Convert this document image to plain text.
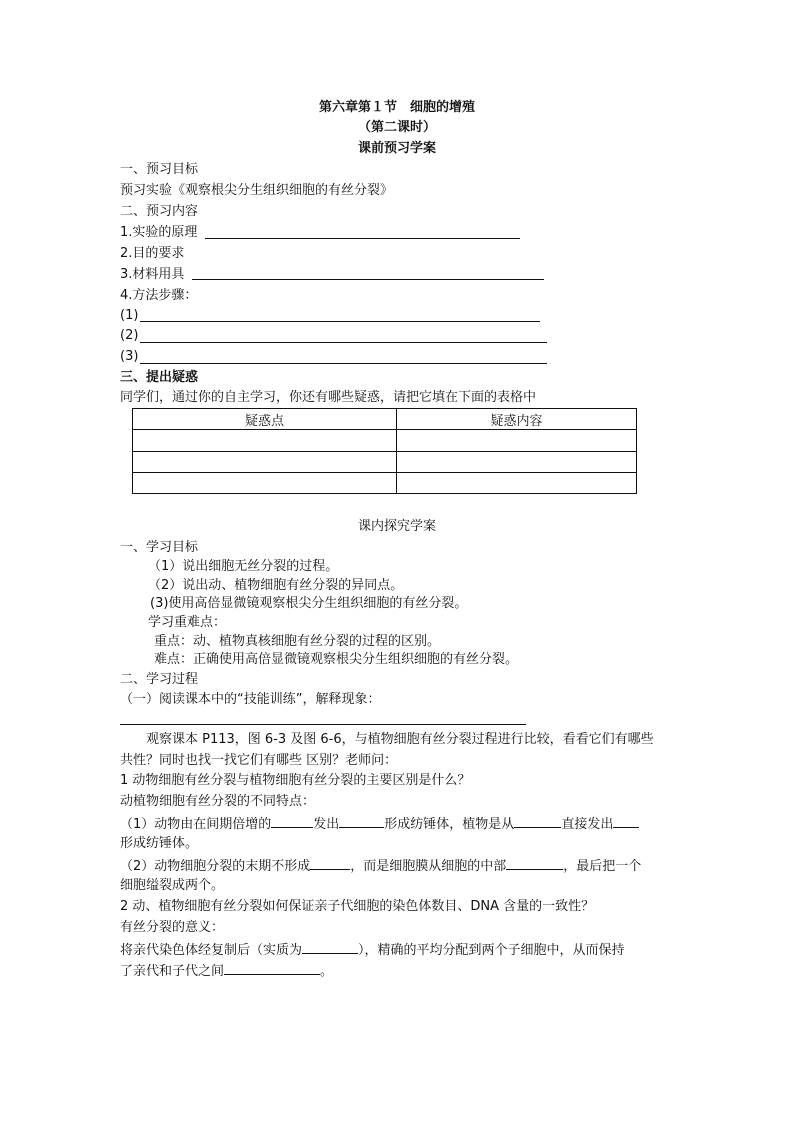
第六章第１节　细胞的增殖
（第二课时）
课前预习学案
一、预习目标
预习实验《观察根尖分生组织细胞的有丝分裂》
二、预习内容
1.实验的原理
2.目的要求
3.材料用具
4.方法步骤：
(1)
(2)
(3)
三、提出疑惑
同学们，通过你的自主学习，你还有哪些疑惑，请把它填在下面的表格中
疑惑点	疑惑内容

课内探究学案
一、学习目标
（1）说出细胞无丝分裂的过程。
（2）说出动、植物细胞有丝分裂的异同点。
(3)使用高倍显微镜观察根尖分生组织细胞的有丝分裂。
学习重难点：
重点：动、植物真核细胞有丝分裂的过程的区别。
难点：正确使用高倍显微镜观察根尖分生组织细胞的有丝分裂。
二、学习过程
（一）阅读课本中的“技能训练”，解释现象：
观察课本 P113，图 6-3 及图 6-6，与植物细胞有丝分裂过程进行比较，看看它们有哪些
共性？同时也找一找它们有哪些 区别？老师问：
1 动物细胞有丝分裂与植物细胞有丝分裂的主要区别是什么？
动植物细胞有丝分裂的不同特点：
（1）动物由在间期倍增的	发出	形成纺锤体，植物是从	直接发出
形成纺锤体。
（2）动物细胞分裂的末期不形成	，而是细胞膜从细胞的中部	，最后把一个
细胞缢裂成两个。
2 动、植物细胞有丝分裂如何保证亲子代细胞的染色体数目、DNA 含量的一致性？
有丝分裂的意义：
将亲代染色体经复制后（实质为	），精确的平均分配到两个子细胞中，从而保持
了亲代和子代之间	。
